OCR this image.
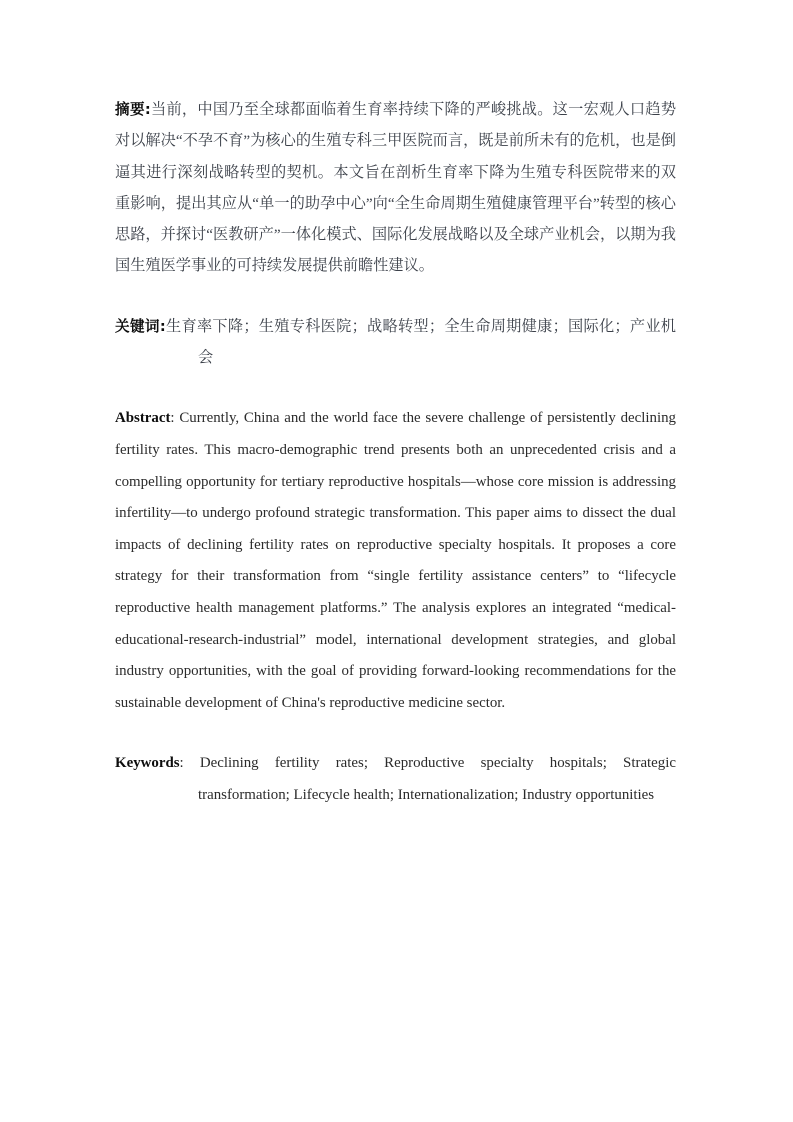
摘要:当前，中国乃至全球都面临着生育率持续下降的严峻挑战。这一宏观人口趋势对以解决“不孕不育”为核心的生殖专科三甲医院而言，既是前所未有的危机，也是倒逼其进行深刻战略转型的契机。本文旨在剖析生育率下降为生殖专科医院带来的双重影响，提出其应从“单一的助孕中心”向“全生命周期生殖健康管理平台”转型的核心思路，并探讨“医教研产”一体化模式、国际化发展战略以及全球产业机会，以期为我国生殖医学事业的可持续发展提供前瞻性建议。

关键词:生育率下降；生殖专科医院；战略转型；全生命周期健康；国际化；产业机会

Abstract: Currently, China and the world face the severe challenge of persistently declining fertility rates. This macro-demographic trend presents both an unprecedented crisis and a compelling opportunity for tertiary reproductive hospitals—whose core mission is addressing infertility—to undergo profound strategic transformation. This paper aims to dissect the dual impacts of declining fertility rates on reproductive specialty hospitals. It proposes a core strategy for their transformation from “single fertility assistance centers” to “lifecycle reproductive health management platforms.” The analysis explores an integrated “medical-educational-research-industrial” model, international development strategies, and global industry opportunities, with the goal of providing forward-looking recommendations for the sustainable development of China's reproductive medicine sector.

Keywords: Declining fertility rates; Reproductive specialty hospitals; Strategic transformation; Lifecycle health; Internationalization; Industry opportunities
